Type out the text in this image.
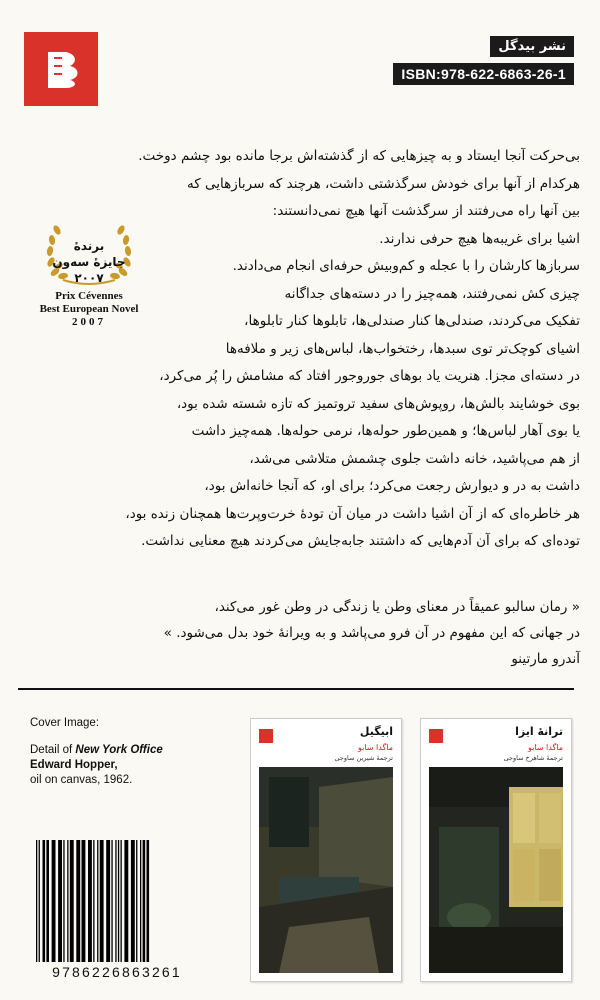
نشر بیدگل
ISBN:978-622-6863-26-1
برندهٔ
جایزهٔ سه‌ون
۲۰۰۷
Prix Cévennes
Best European Novel
2007
بی‌حرکت آنجا ایستاد و به چیزهایی که از گذشته‌اش برجا مانده بود چشم دوخت.
هرکدام از آنها برای خودش سرگذشتی داشت، هرچند که سربازهایی که
بین آنها راه می‌رفتند از سرگذشت آنها هیچ نمی‌دانستند:
اشیا برای غریبه‌ها هیچ حرفی ندارند.
سربازها کارشان را با عجله و کم‌وبیش حرفه‌ای انجام می‌دادند.
چیزی کش نمی‌رفتند، همه‌چیز را در دسته‌های جداگانه
تفکیک می‌کردند، صندلی‌ها کنار صندلی‌ها، تابلوها کنار تابلوها،
اشیای کوچک‌تر توی سبدها، رختخواب‌ها، لباس‌های زیر و ملافه‌ها
در دسته‌ای مجزا. هنریت یاد بوهای جوروجور افتاد که مشامش را پُر می‌کرد،
بوی خوشایند بالش‌ها، روپوش‌های سفید تروتمیز که تازه شسته شده بود،
یا بوی آهار لباس‌ها؛ و همین‌طور حوله‌ها، نرمی حوله‌ها. همه‌چیز داشت
از هم می‌پاشید، خانه داشت جلوی چشمش متلاشی می‌شد،
داشت به در و دیوارش رجعت می‌کرد؛ برای او، که آنجا خانه‌اش بود،
هر خاطره‌ای که از آن اشیا داشت در میان آن تودهٔ خرت‌وپرت‌ها همچنان زنده بود،
توده‌ای که برای آن آدم‌هایی که داشتند جابه‌جایش می‌کردند هیچ معنایی نداشت.
« رمان سالبو عمیقاً در معنای وطن یا زندگی در وطن غور می‌کند،
در جهانی که این مفهوم در آن فرو می‌پاشد و به ویرانهٔ خود بدل می‌شود. »
آندرو مارتینو
Cover Image:
Detail of New York Office
Edward Hopper,
oil on canvas, 1962.
9786226863261
ابیگیل
ماگدا سابو
ترجمهٔ شیرین ساوجی
ترانهٔ ایزا
ماگدا سابو
ترجمهٔ شاهرخ ساوجی
